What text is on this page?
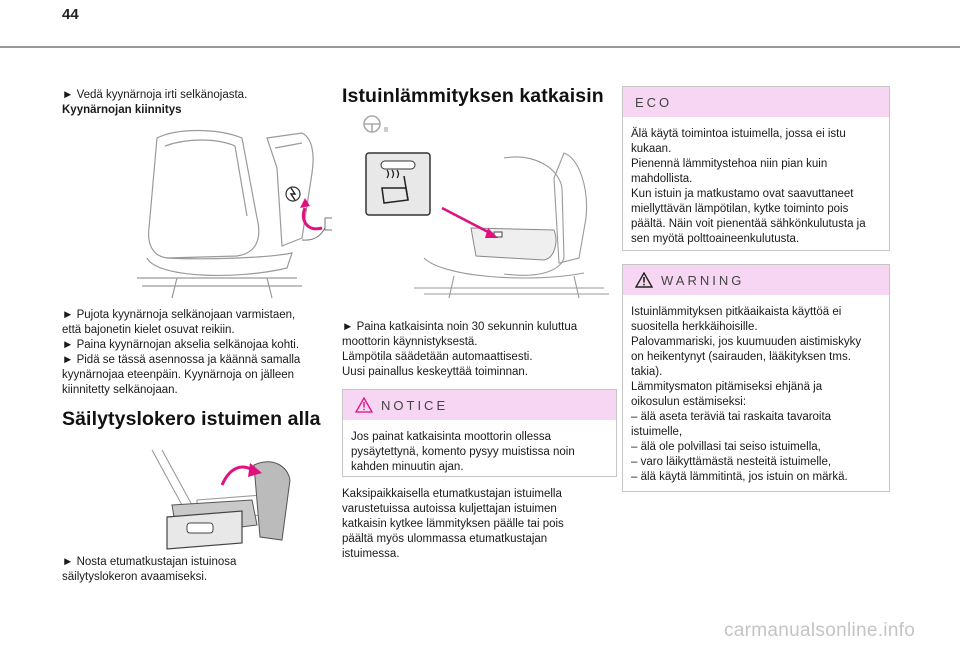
44

► Vedä kyynärnoja irti selkänojasta.

Kyynärnojan kiinnitys

► Pujota kyynärnoja selkänojaan varmistaen,

että bajonetin kielet osuvat reikiin.

► Paina kyynärnojan akselia selkänojaa kohti.

► Pidä se tässä asennossa ja käännä samalla

kyynärnojaa eteenpäin. Kyynärnoja on jälleen

kiinnitetty selkänojaan.

Säilytyslokero istuimen alla

► Nosta etumatkustajan istuinosa

säilytyslokeron avaamiseksi.

Istuinlämmityksen katkaisin

► Paina katkaisinta noin 30 sekunnin kuluttua

moottorin käynnistyksestä.

Lämpötila säädetään automaattisesti.

Uusi painallus keskeyttää toiminnan.

NOTICE

Jos painat katkaisinta moottorin ollessa

pysäytettynä, komento pysyy muistissa noin

kahden minuutin ajan.

Kaksipaikkaisella etumatkustajan istuimella

varustetuissa autoissa kuljettajan istuimen

katkaisin kytkee lämmityksen päälle tai pois

päältä myös ulommassa etumatkustajan

istuimessa.

ECO

Älä käytä toimintoa istuimella, jossa ei istu

kukaan.

Pienennä lämmitystehoa niin pian kuin

mahdollista.

Kun istuin ja matkustamo ovat saavuttaneet

miellyttävän lämpötilan, kytke toiminto pois

päältä. Näin voit pienentää sähkönkulutusta ja

sen myötä polttoaineenkulutusta.

WARNING

Istuinlämmityksen pitkäaikaista käyttöä ei

suositella herkkäihoisille.

Palovammariski, jos kuumuuden aistimiskyky

on heikentynyt (sairauden, lääkityksen tms.

takia).

Lämmitysmaton pitämiseksi ehjänä ja

oikosulun estämiseksi:

– älä aseta teräviä tai raskaita tavaroita

istuimelle,

– älä ole polvillasi tai seiso istuimella,

– varo läikyttämästä nesteitä istuimelle,

– älä käytä lämmitintä, jos istuin on märkä.

carmanualsonline.info
